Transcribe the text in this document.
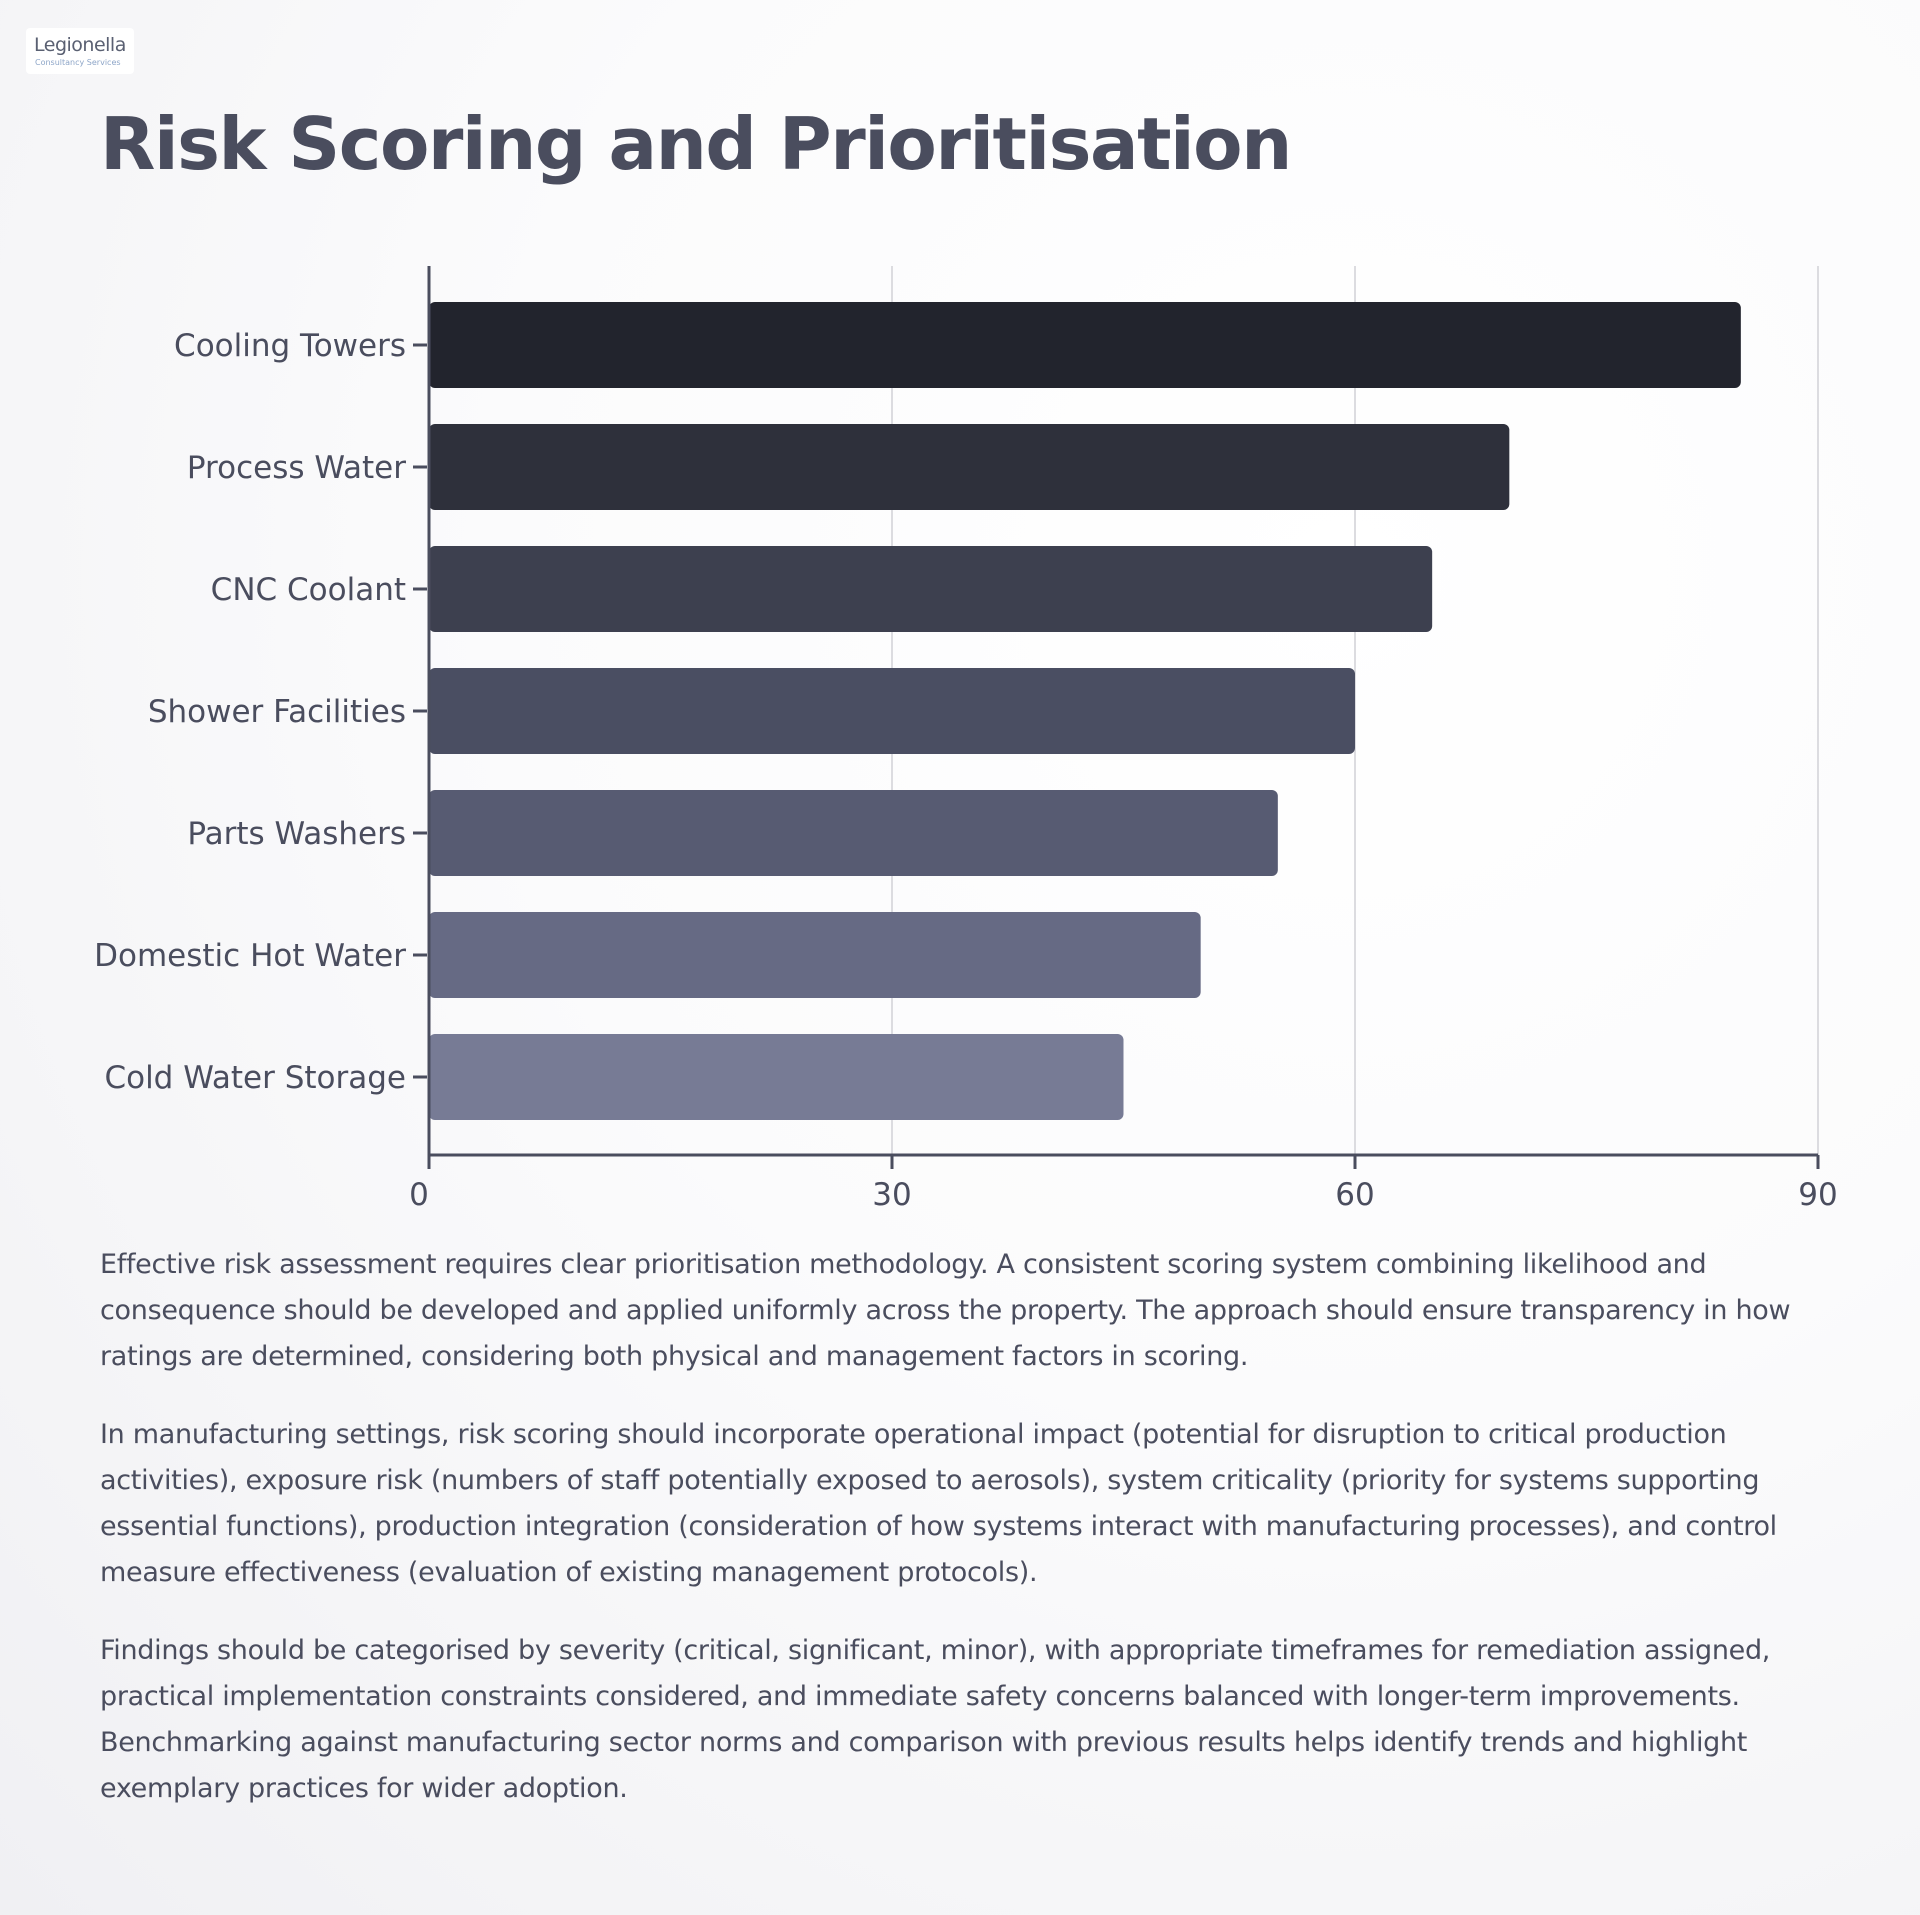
Legionella
Consultancy Services
Risk Scoring and Prioritisation
Cooling Towers
Process Water
CNC Coolant
Shower Facilities
Parts Washers
Domestic Hot Water
Cold Water Storage
0	30	60	90

Effective risk assessment requires clear prioritisation methodology. A consistent scoring system combining likelihood and consequence should be developed and applied uniformly across the property. The approach should ensure transparency in how ratings are determined, considering both physical and management factors in scoring.

In manufacturing settings, risk scoring should incorporate operational impact (potential for disruption to critical production activities), exposure risk (numbers of staff potentially exposed to aerosols), system criticality (priority for systems supporting essential functions), production integration (consideration of how systems interact with manufacturing processes), and control measure effectiveness (evaluation of existing management protocols).

Findings should be categorised by severity (critical, significant, minor), with appropriate timeframes for remediation assigned, practical implementation constraints considered, and immediate safety concerns balanced with longer-term improvements. Benchmarking against manufacturing sector norms and comparison with previous results helps identify trends and highlight exemplary practices for wider adoption.
